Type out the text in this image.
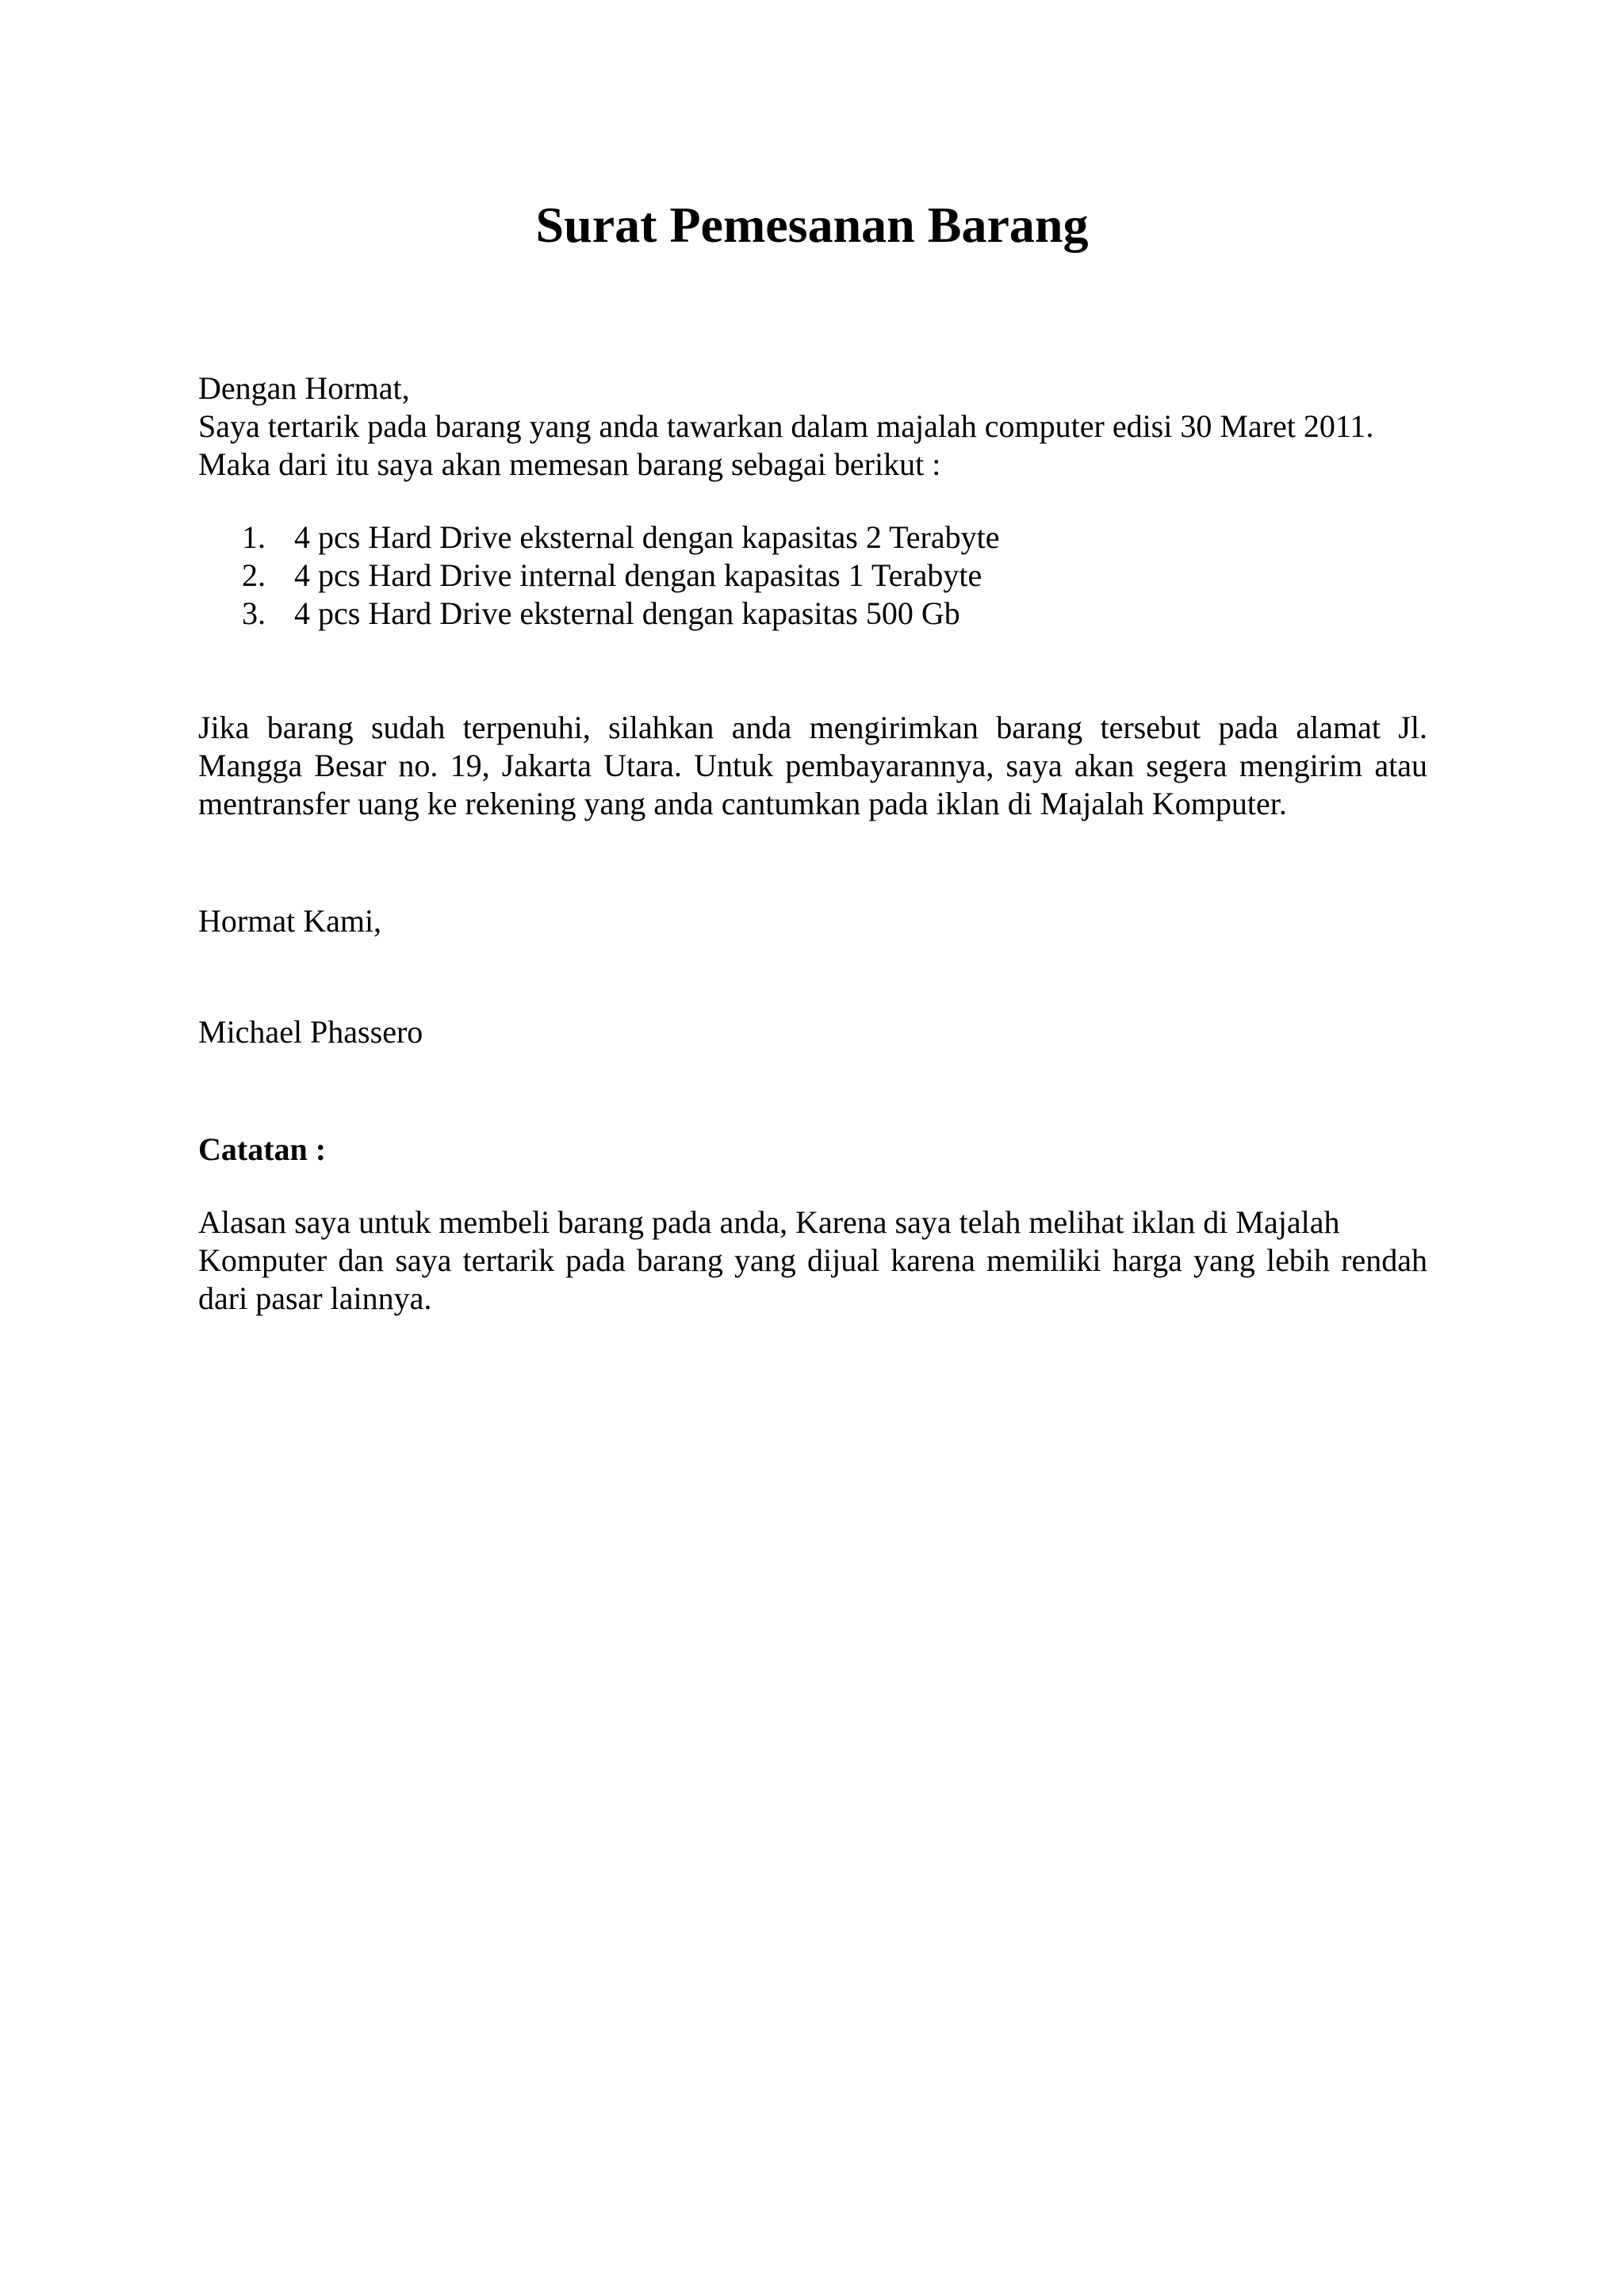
Surat Pemesanan Barang
Dengan Hormat,
Saya tertarik pada barang yang anda tawarkan dalam majalah computer edisi 30 Maret 2011.
Maka dari itu saya akan memesan barang sebagai berikut :
1. 4 pcs Hard Drive eksternal dengan kapasitas 2 Terabyte
2. 4 pcs Hard Drive internal dengan kapasitas 1 Terabyte
3. 4 pcs Hard Drive eksternal dengan kapasitas 500 Gb
Jika barang sudah terpenuhi, silahkan anda mengirimkan barang tersebut pada alamat Jl.
Mangga Besar no. 19, Jakarta Utara. Untuk pembayarannya, saya akan segera mengirim atau
mentransfer uang ke rekening yang anda cantumkan pada iklan di Majalah Komputer.
Hormat Kami,
Michael Phassero
Catatan :
Alasan saya untuk membeli barang pada anda, Karena saya telah melihat iklan di Majalah
Komputer dan saya tertarik pada barang yang dijual karena memiliki harga yang lebih rendah
dari pasar lainnya.
